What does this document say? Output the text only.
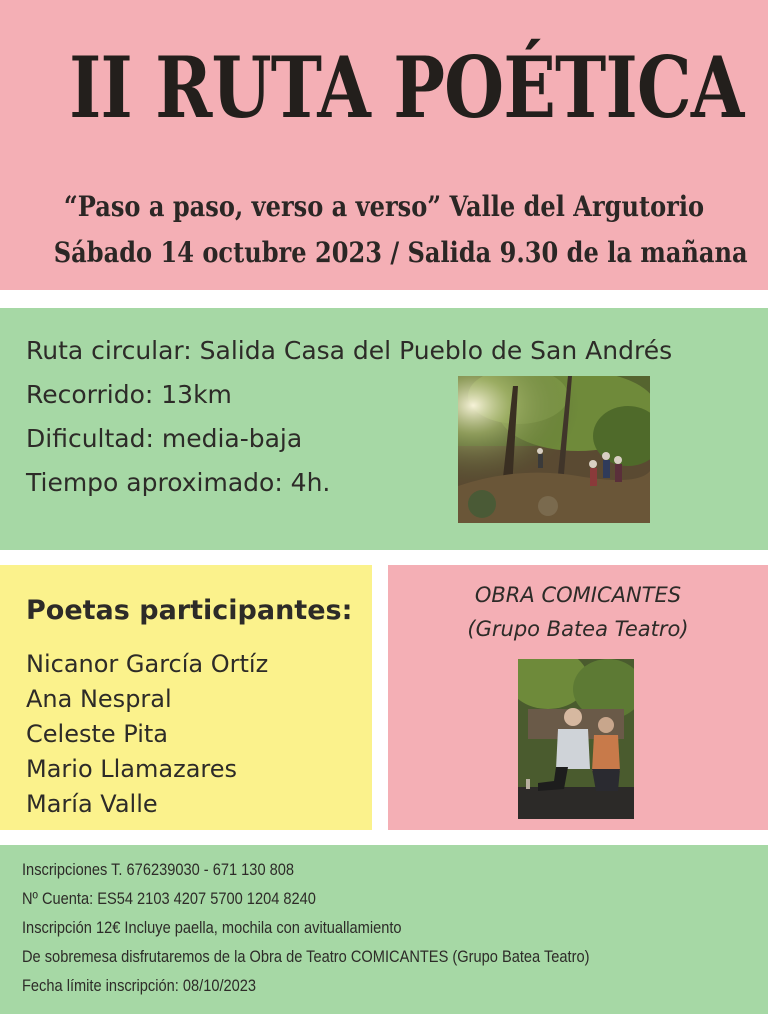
II RUTA POÉTICA
“Paso a paso, verso a verso” Valle del Argutorio
Sábado 14 octubre 2023 / Salida 9.30 de la mañana
Ruta circular: Salida Casa del Pueblo de San Andrés
Recorrido: 13km
Dificultad: media-baja
Tiempo aproximado: 4h.
Poetas participantes:
Nicanor García Ortíz
Ana Nespral
Celeste Pita
Mario Llamazares
María Valle
OBRA COMICANTES
(Grupo Batea Teatro)
Inscripciones T. 676239030 - 671 130 808
Nº Cuenta: ES54 2103 4207 5700 1204 8240
Inscripción 12€ Incluye paella, mochila con avituallamiento
De sobremesa disfrutaremos de la Obra de Teatro COMICANTES (Grupo Batea Teatro)
Fecha límite inscripción: 08/10/2023
